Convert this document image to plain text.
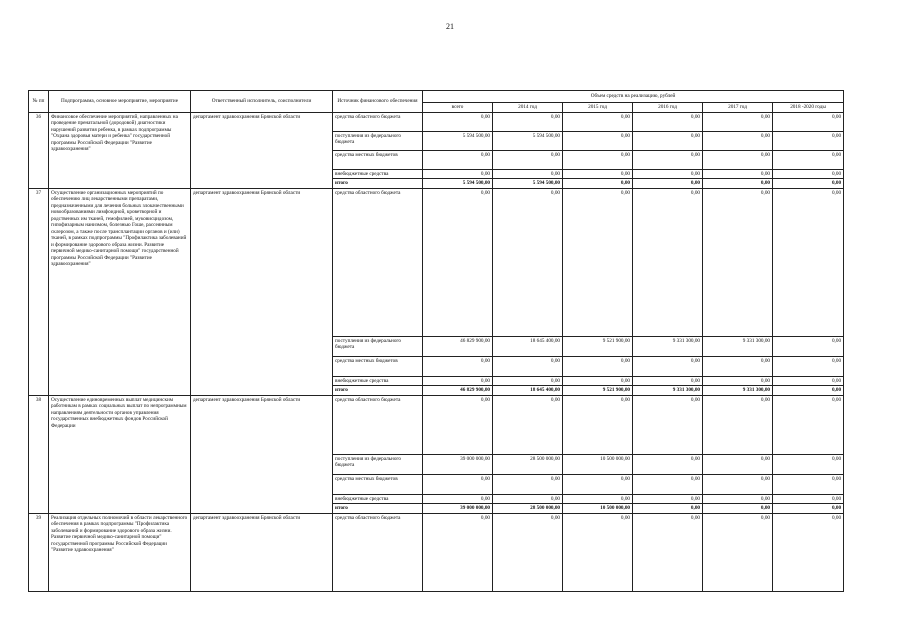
21
№ пп	Подпрограмма, основное мероприятие, мероприятие	Ответственный исполнитель, соисполнители	Источник финансового обеспечения	Объем средств на реализацию, рублей					
				всего	2014 год	2015 год	2016 год	2017 год	2018 -2020 годы
36	Финансовое обеспечение мероприятий, направленных на проведение пренатальной (дородовой) диагностики нарушений развития ребенка, в рамках подпрограммы "Охрана здоровья матери и ребенка" государственной программы Российской Федерации "Развитие здравоохранения"	департамент здравоохранения Брянской области	средства областного бюджета	0,00	0,00	0,00	0,00	0,00	0,00
			поступления из федерального бюджета	5 594 500,00	5 594 500,00	0,00	0,00	0,00	0,00
			средства местных бюджетов	0,00	0,00	0,00	0,00	0,00	0,00
			внебюджетные средства	0,00	0,00	0,00	0,00	0,00	0,00
			итого	5 594 500,00	5 594 500,00	0,00	0,00	0,00	0,00
37	Осуществление организационных мероприятий по обеспечению лиц лекарственными препаратами, предназначенными для лечения больных злокачественными новообразованиями лимфоидной, кроветворной и родственных им тканей, гемофилией, муковисцидозом, гипофизарным нанизмом, болезнью Гоше, рассеянным склерозом, а также после трансплантации органов и (или) тканей, в рамках подпрограммы "Профилактика заболеваний и формирование здорового образа жизни. Развитие первичной медико-санитарной помощи" государственной программы Российской Федерации "Развитие здравоохранения"	департамент здравоохранения Брянской области	средства областного бюджета	0,00	0,00	0,00	0,00	0,00	0,00
			поступления из федерального бюджета	46 829 900,00	18 645 400,00	9 521 900,00	9 331 300,00	9 331 300,00	0,00
			средства местных бюджетов	0,00	0,00	0,00	0,00	0,00	0,00
			внебюджетные средства	0,00	0,00	0,00	0,00	0,00	0,00
			итого	46 829 900,00	18 645 400,00	9 521 900,00	9 331 300,00	9 331 300,00	0,00
38	Осуществление единовременных выплат медицинским работникам в рамках социальных выплат по непрограммным направлениям деятельности органов управления государственных внебюджетных фондов Российской Федерации	департамент здравоохранения Брянской области	средства областного бюджета	0,00	0,00	0,00	0,00	0,00	0,00
			поступления из федерального бюджета	39 000 000,00	28 500 000,00	10 500 000,00	0,00	0,00	0,00
			средства местных бюджетов	0,00	0,00	0,00	0,00	0,00	0,00
			внебюджетные средства	0,00	0,00	0,00	0,00	0,00	0,00
			итого	39 000 000,00	28 500 000,00	10 500 000,00	0,00	0,00	0,00
39	Реализация отдельных полномочий в области лекарственного обеспечения в рамках подпрограммы "Профилактика заболеваний и формирование здорового образа жизни. Развитие первичной медико-санитарной помощи" государственной программы Российской Федерации "Развитие здравоохранения"	департамент здравоохранения Брянской области	средства областного бюджета	0,00	0,00	0,00	0,00	0,00	0,00
